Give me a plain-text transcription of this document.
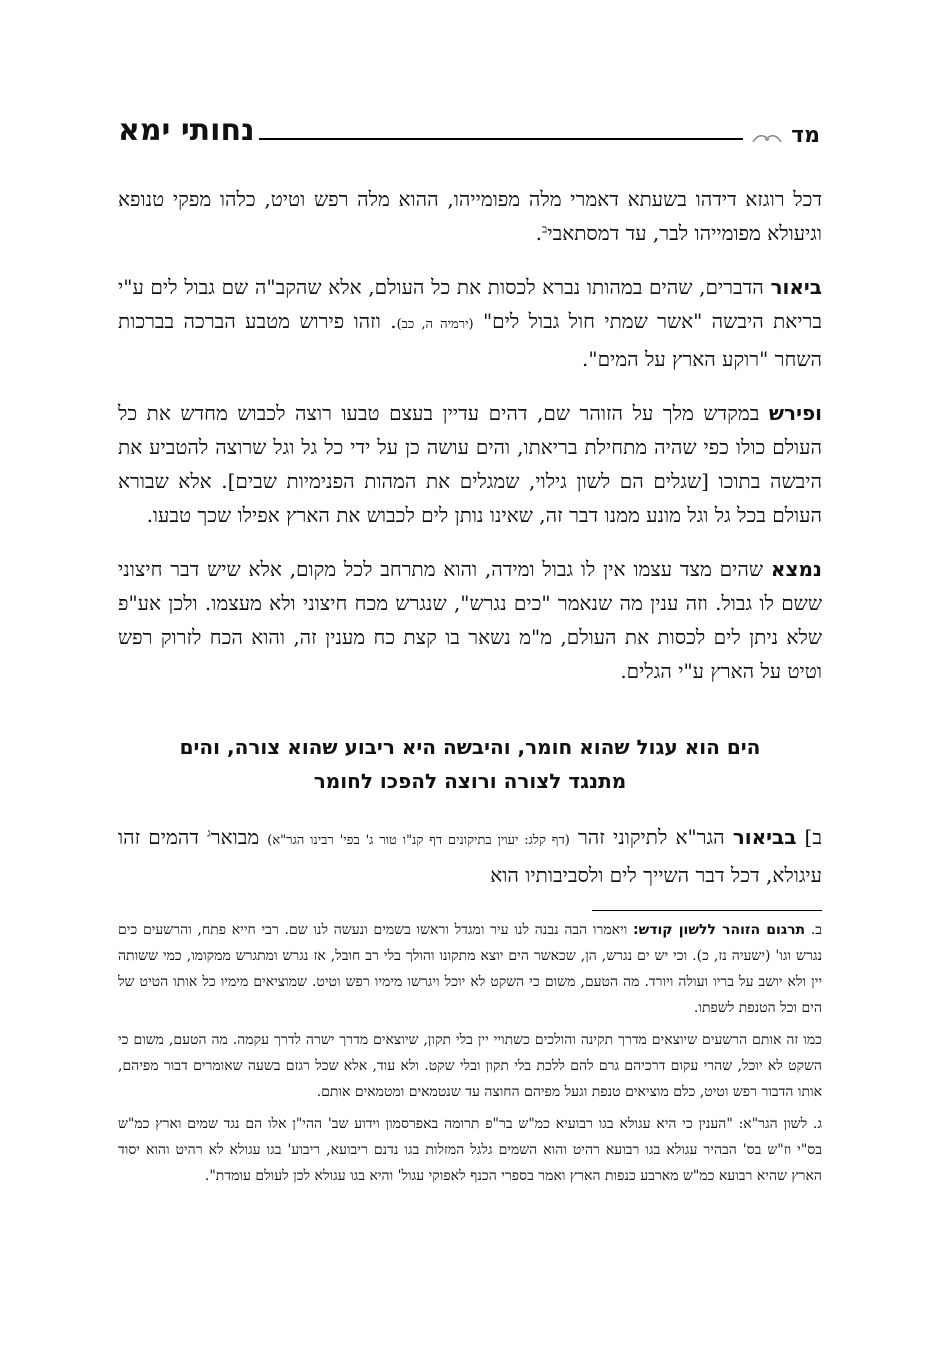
מד
נחותי ימא

דכל רוגזא דידהו בשעתא דאמרי מלה מפומייהו, ההוא מלה רפש וטיט, כלהו מפקי טנופא וגיעולא מפומייהו לבר, עד דמסתאבי$^ב$.

ביאור הדברים, שהים במהותו נברא לכסות את כל העולם, אלא שהקב"ה שם גבול לים ע"י בריאת היבשה "אשר שמתי חול גבול לים" (ירמיה ה, כב). וזהו פירוש מטבע הברכה בברכות השחר "רוקע הארץ על המים".

ופירש במקדש מלך על הזוהר שם, דהים עדיין בעצם טבעו רוצה לכבוש מחדש את כל העולם כולו כפי שהיה מתחילת בריאתו, והים עושה כן על ידי כל גל וגל שרוצה להטביע את היבשה בתוכו [שגלים הם לשון גילוי, שמגלים את המהות הפנימיות שבים]. אלא שבורא העולם בכל גל וגל מונע ממנו דבר זה, שאינו נותן לים לכבוש את הארץ אפילו שכך טבעו.

נמצא שהים מצד עצמו אין לו גבול ומידה, והוא מתרחב לכל מקום, אלא שיש דבר חיצוני ששם לו גבול. וזה ענין מה שנאמר "כים נגרש", שנגרש מכח חיצוני ולא מעצמו. ולכן אע"פ שלא ניתן לים לכסות את העולם, מ"מ נשאר בו קצת כח מענין זה, והוא הכח לזרוק רפש וטיט על הארץ ע"י הגלים.

הים הוא עגול שהוא חומר, והיבשה היא ריבוע שהוא צורה, והים מתנגד לצורה ורוצה להפכו לחומר

ב] בביאור הגר"א לתיקוני זהר (דף קלג: יעוין בתיקונים דף קנ"ו טור ג' בפי' רבינו הגר"א) מבואר$^ג$ דהמים זהו עיגולא, דכל דבר השייך לים ולסביבותיו הוא

ב. תרגום הזוהר ללשון קודש: ויאמרו הבה נבנה לנו עיר ומגדל וראשו בשמים ונעשה לנו שם. רבי חייא פתח, והרשעים כים נגרש וגו' (ישעיה נז, כ). וכי יש ים נגרש, הן, שכאשר הים יוצא מתקונו והולך בלי רב חובל, אז נגרש ומתגרש ממקומו, כמי ששותה יין ולא יושב על בריו ועולה ויורד. מה הטעם, משום כי השקט לא יוכל ויגרשו מימיו רפש וטיט. שמוציאים מימיו כל אותו הטיט של הים וכל הטנפת לשפתו.

כמו זה אותם הרשעים שיוצאים מדרך תקינה והולכים כשתויי יין בלי תקון, שיוצאים מדרך ישרה לדרך עקמה. מה הטעם, משום כי השקט לא יוכל, שהרי עקום דרכיהם גרם להם ללכת בלי תקון ובלי שקט. ולא עוד, אלא שכל רגזם בשעה שאומרים דבור מפיהם, אותו הדבור רפש וטיט, כלם מוציאים טנפת וגעל מפיהם החוצה עד שנטמאים ומטמאים אותם.

ג. לשון הגר"א: "הענין כי היא עגולא בגו רבועיא כמ"ש בר"פ תרומה באפרסמון וידוע שב' ההי"ן אלו הם נגד שמים וארץ כמ"ש בס"י וז"ש בס' הבהיר עגולא בגו רבועא רהיט והוא השמים גלגל המזלות בגו נדנם ריבועא, ריבוע' בגו עגולא לא רהיט והוא יסוד הארץ שהיא רבועא כמ"ש מארבע כנפות הארץ ואמר בספרי הכנף לאפוקי עגול' והיא בגו עגולא לכן לעולם עומדת".
